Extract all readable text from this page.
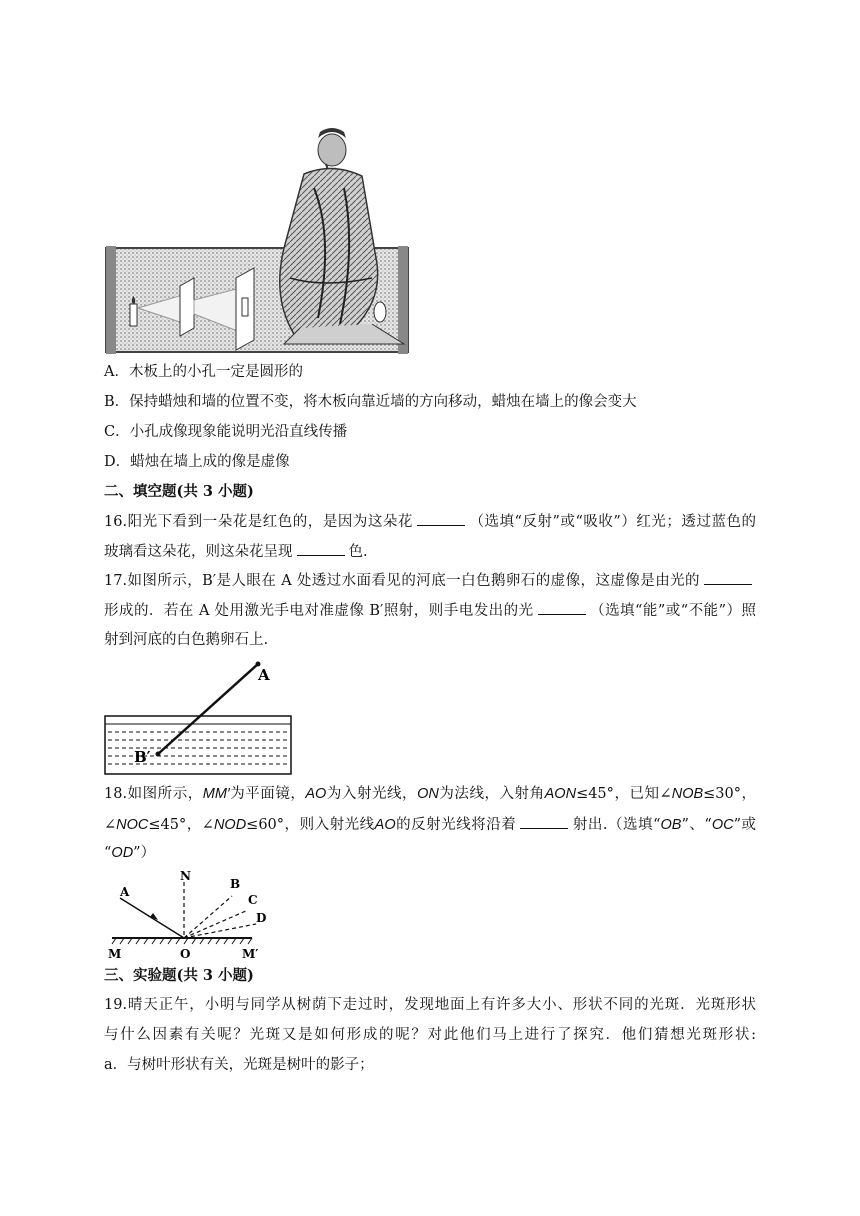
A．木板上的小孔一定是圆形的
B．保持蜡烛和墙的位置不变，将木板向靠近墙的方向移动，蜡烛在墙上的像会变大
C．小孔成像现象能说明光沿直线传播
D．蜡烛在墙上成的像是虚像
二、填空题(共 3 小题)
16.阳光下看到一朵花是红色的，是因为这朵花	（选填“反射”或“吸收”）红光；透过蓝色的
玻璃看这朵花，则这朵花呈现	色.
17.如图所示，B′是人眼在 A 处透过水面看见的河底一白色鹅卵石的虚像，这虚像是由光的
形成的．若在 A 处用激光手电对准虚像 B′照射，则手电发出的光	（选填“能”或“不能”）照
射到河底的白色鹅卵石上.
A
B′
18.如图所示，MM′为平面镜，AO为入射光线，ON为法线，入射角AON≤45°，已知∠NOB≤30°，
∠NOC≤45°，∠NOD≤60°，则入射光线AO的反射光线将沿着	射出.（选填“OB”、“OC”或
“OD”）
N
A
B
C
D
M	O	M′
三、实验题(共 3 小题)
19.晴天正午，小明与同学从树荫下走过时，发现地面上有许多大小、形状不同的光斑．光斑形状
与什么因素有关呢？光斑又是如何形成的呢？对此他们马上进行了探究．他们猜想光斑形状:
a．与树叶形状有关，光斑是树叶的影子；
